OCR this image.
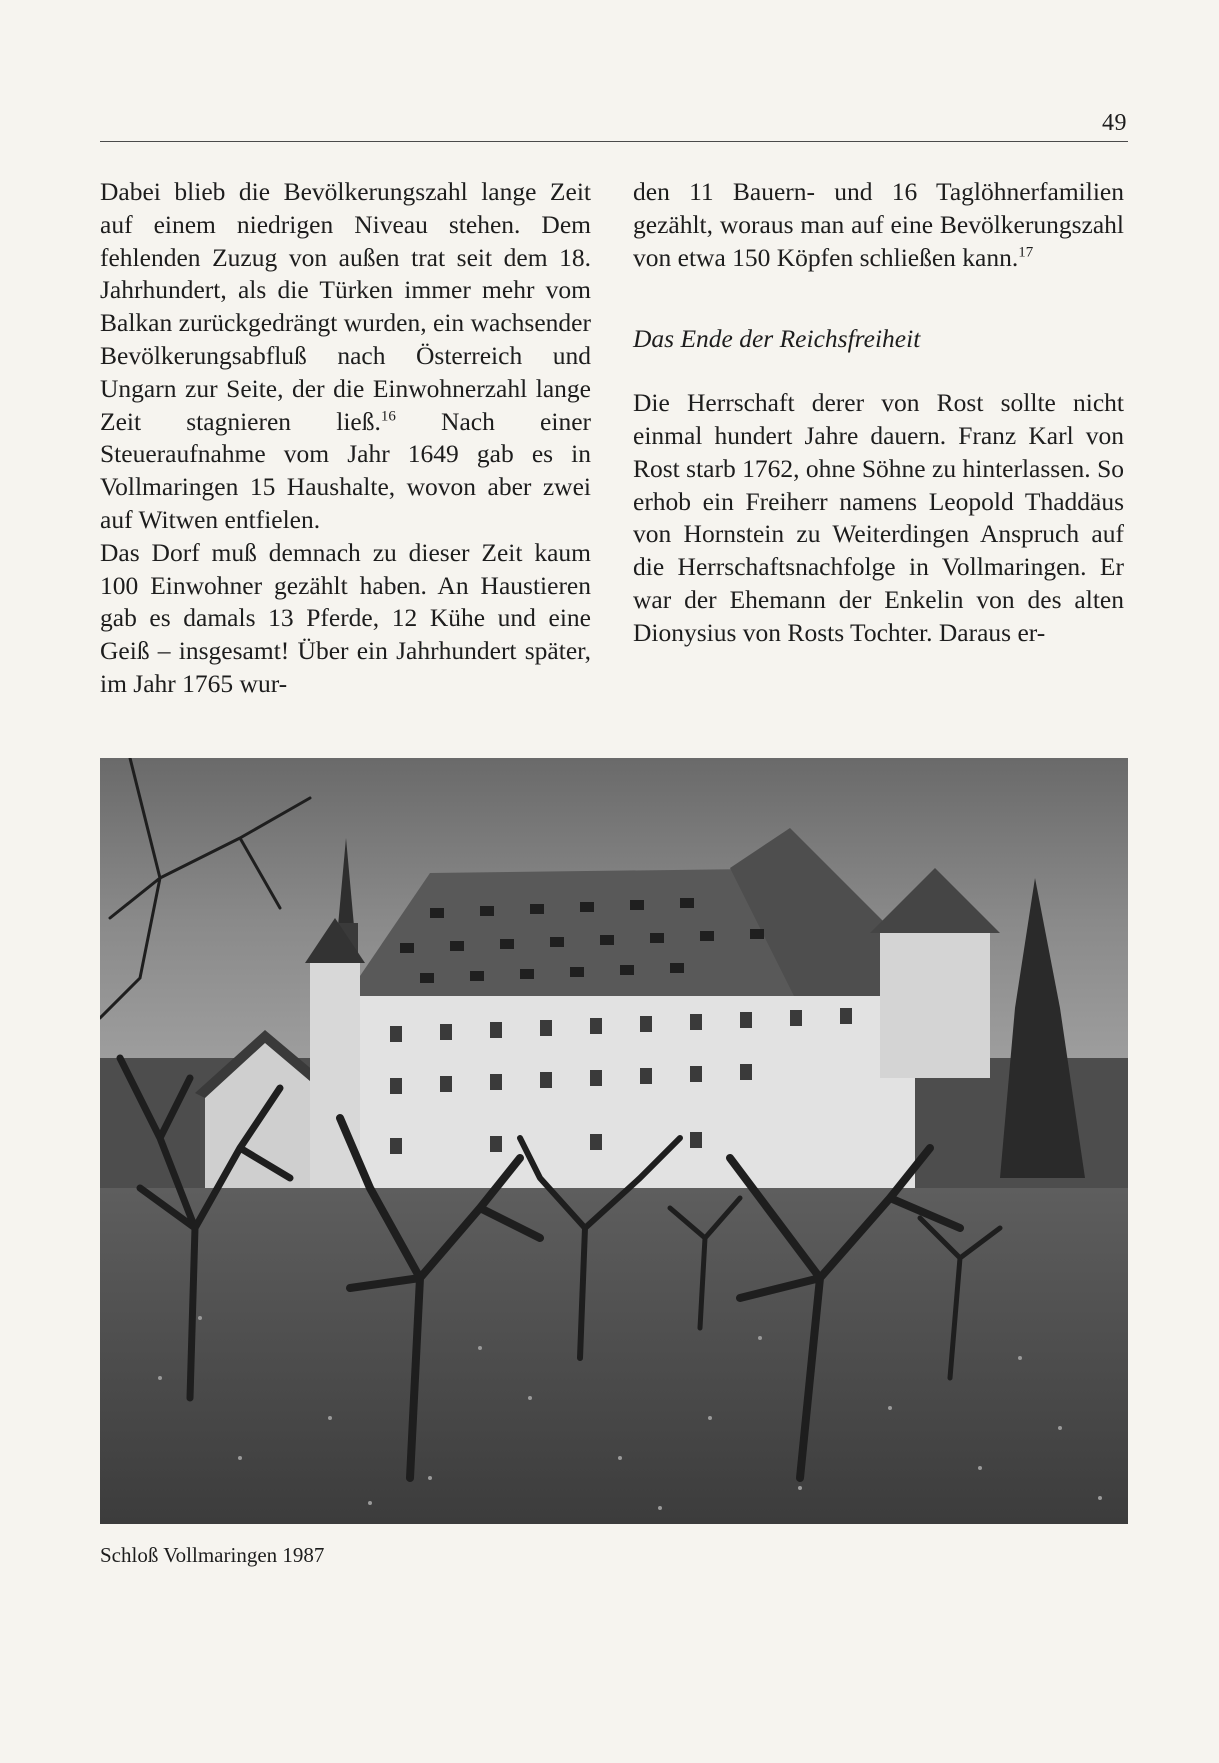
49

Dabei blieb die Bevölkerungszahl lange Zeit auf einem niedrigen Niveau stehen. Dem fehlenden Zuzug von außen trat seit dem 18. Jahrhundert, als die Türken immer mehr vom Balkan zurückgedrängt wurden, ein wachsender Bevölkerungsabfluß nach Österreich und Ungarn zur Seite, der die Einwohnerzahl lange Zeit stagnieren ließ.$^{16}$ Nach einer Steueraufnahme vom Jahr 1649 gab es in Vollmaringen 15 Haushalte, wovon aber zwei auf Witwen entfielen.

Das Dorf muß demnach zu dieser Zeit kaum 100 Einwohner gezählt haben. An Haustieren gab es damals 13 Pferde, 12 Kühe und eine Geiß – insgesamt! Über ein Jahrhundert später, im Jahr 1765 wur-

den 11 Bauern- und 16 Taglöhnerfamilien gezählt, woraus man auf eine Bevölkerungszahl von etwa 150 Köpfen schließen kann.$^{17}$

Das Ende der Reichsfreiheit

Die Herrschaft derer von Rost sollte nicht einmal hundert Jahre dauern. Franz Karl von Rost starb 1762, ohne Söhne zu hinterlassen. So erhob ein Freiherr namens Leopold Thaddäus von Hornstein zu Weiterdingen Anspruch auf die Herrschaftsnachfolge in Vollmaringen. Er war der Ehemann der Enkelin von des alten Dionysius von Rosts Tochter. Daraus er-

Schloß Vollmaringen 1987
